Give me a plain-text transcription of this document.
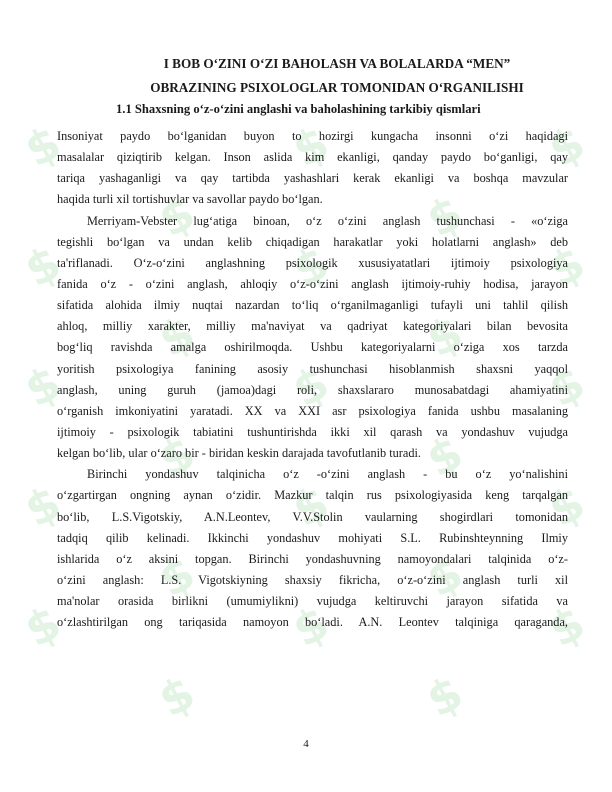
$
$
$
$
$
$
$
$
$
$
$
$
$
$
$
$
$
$
$
$
$
$
$
$
$
I BOB O‘ZINI O‘ZI BAHOLASH VA BOLALARDA “MEN”
OBRAZINING PSIXOLOGLAR TOMONIDAN O‘RGANILISHI
1.1 Shaxsning o‘z-o‘zini anglashi va baholashining tarkibiy qismlari
Insoniyat paydo bo‘lganidan buyon to hozirgi kungacha insonni o‘zi haqidagi
masalalar qiziqtirib kelgan. Inson aslida kim ekanligi, qanday paydo bo‘ganligi, qay
tariqa yashaganligi va qay tartibda yashashlari kerak ekanligi va boshqa mavzular
haqida turli xil tortishuvlar va savollar paydo bo‘lgan.
Merriyam-Vebster lug‘atiga binoan, o‘z o‘zini anglash tushunchasi - «o‘ziga
tegishli bo‘lgan va undan kelib chiqadigan harakatlar yoki holatlarni anglash» deb
ta'riflanadi. O‘z-o‘zini anglashning psixologik xususiyatatlari ijtimoiy psixologiya
fanida o‘z - o‘zini anglash, ahloqiy o‘z-o‘zini anglash ijtimoiy-ruhiy hodisa, jarayon
sifatida alohida ilmiy nuqtai nazardan to‘liq o‘rganilmaganligi tufayli uni tahlil qilish
ahloq, milliy xarakter, milliy ma'naviyat va qadriyat kategoriyalari bilan bevosita
bog‘liq ravishda amalga oshirilmoqda. Ushbu kategoriyalarni o‘ziga xos tarzda
yoritish psixologiya fanining asosiy tushunchasi hisoblanmish shaxsni yaqqol
anglash, uning guruh (jamoa)dagi roli, shaxslararo munosabatdagi ahamiyatini
o‘rganish imkoniyatini yaratadi. XX va XXI asr psixologiya fanida ushbu masalaning
ijtimoiy - psixologik tabiatini tushuntirishda ikki xil qarash va yondashuv vujudga
kelgan bo‘lib, ular o‘zaro bir - biridan keskin darajada tavofutlanib turadi.
Birinchi yondashuv talqinicha o‘z -o‘zini anglash - bu o‘z yo‘nalishini
o‘zgartirgan ongning aynan o‘zidir. Mazkur talqin rus psixologiyasida keng tarqalgan
bo‘lib, L.S.Vigotskiy, A.N.Leontev, V.V.Stolin vaularning shogirdlari tomonidan
tadqiq qilib kelinadi. Ikkinchi yondashuv mohiyati S.L. Rubinshteynning Ilmiy
ishlarida o‘z aksini topgan. Birinchi yondashuvning namoyondalari talqinida o‘z-
o‘zini anglash: L.S. Vigotskiyning shaxsiy fikricha, o‘z-o‘zini anglash turli xil
ma'nolar orasida birlikni (umumiylikni) vujudga keltiruvchi jarayon sifatida va
o‘zlashtirilgan ong tariqasida namoyon bo‘ladi. A.N. Leontev talqiniga qaraganda,

4
